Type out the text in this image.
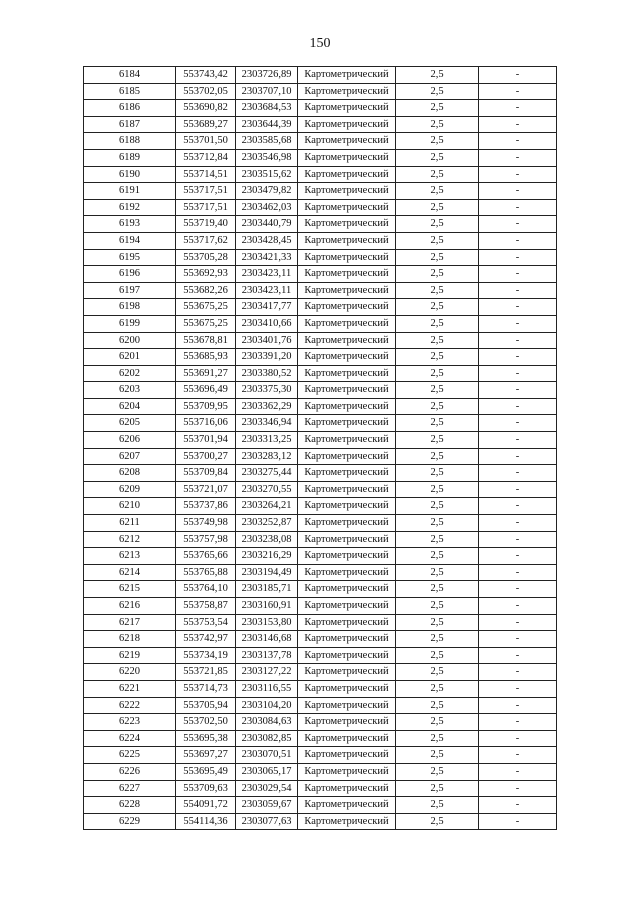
150
6184	553743,42	2303726,89	Картометрический	2,5	-
6185	553702,05	2303707,10	Картометрический	2,5	-
6186	553690,82	2303684,53	Картометрический	2,5	-
6187	553689,27	2303644,39	Картометрический	2,5	-
6188	553701,50	2303585,68	Картометрический	2,5	-
6189	553712,84	2303546,98	Картометрический	2,5	-
6190	553714,51	2303515,62	Картометрический	2,5	-
6191	553717,51	2303479,82	Картометрический	2,5	-
6192	553717,51	2303462,03	Картометрический	2,5	-
6193	553719,40	2303440,79	Картометрический	2,5	-
6194	553717,62	2303428,45	Картометрический	2,5	-
6195	553705,28	2303421,33	Картометрический	2,5	-
6196	553692,93	2303423,11	Картометрический	2,5	-
6197	553682,26	2303423,11	Картометрический	2,5	-
6198	553675,25	2303417,77	Картометрический	2,5	-
6199	553675,25	2303410,66	Картометрический	2,5	-
6200	553678,81	2303401,76	Картометрический	2,5	-
6201	553685,93	2303391,20	Картометрический	2,5	-
6202	553691,27	2303380,52	Картометрический	2,5	-
6203	553696,49	2303375,30	Картометрический	2,5	-
6204	553709,95	2303362,29	Картометрический	2,5	-
6205	553716,06	2303346,94	Картометрический	2,5	-
6206	553701,94	2303313,25	Картометрический	2,5	-
6207	553700,27	2303283,12	Картометрический	2,5	-
6208	553709,84	2303275,44	Картометрический	2,5	-
6209	553721,07	2303270,55	Картометрический	2,5	-
6210	553737,86	2303264,21	Картометрический	2,5	-
6211	553749,98	2303252,87	Картометрический	2,5	-
6212	553757,98	2303238,08	Картометрический	2,5	-
6213	553765,66	2303216,29	Картометрический	2,5	-
6214	553765,88	2303194,49	Картометрический	2,5	-
6215	553764,10	2303185,71	Картометрический	2,5	-
6216	553758,87	2303160,91	Картометрический	2,5	-
6217	553753,54	2303153,80	Картометрический	2,5	-
6218	553742,97	2303146,68	Картометрический	2,5	-
6219	553734,19	2303137,78	Картометрический	2,5	-
6220	553721,85	2303127,22	Картометрический	2,5	-
6221	553714,73	2303116,55	Картометрический	2,5	-
6222	553705,94	2303104,20	Картометрический	2,5	-
6223	553702,50	2303084,63	Картометрический	2,5	-
6224	553695,38	2303082,85	Картометрический	2,5	-
6225	553697,27	2303070,51	Картометрический	2,5	-
6226	553695,49	2303065,17	Картометрический	2,5	-
6227	553709,63	2303029,54	Картометрический	2,5	-
6228	554091,72	2303059,67	Картометрический	2,5	-
6229	554114,36	2303077,63	Картометрический	2,5	-
